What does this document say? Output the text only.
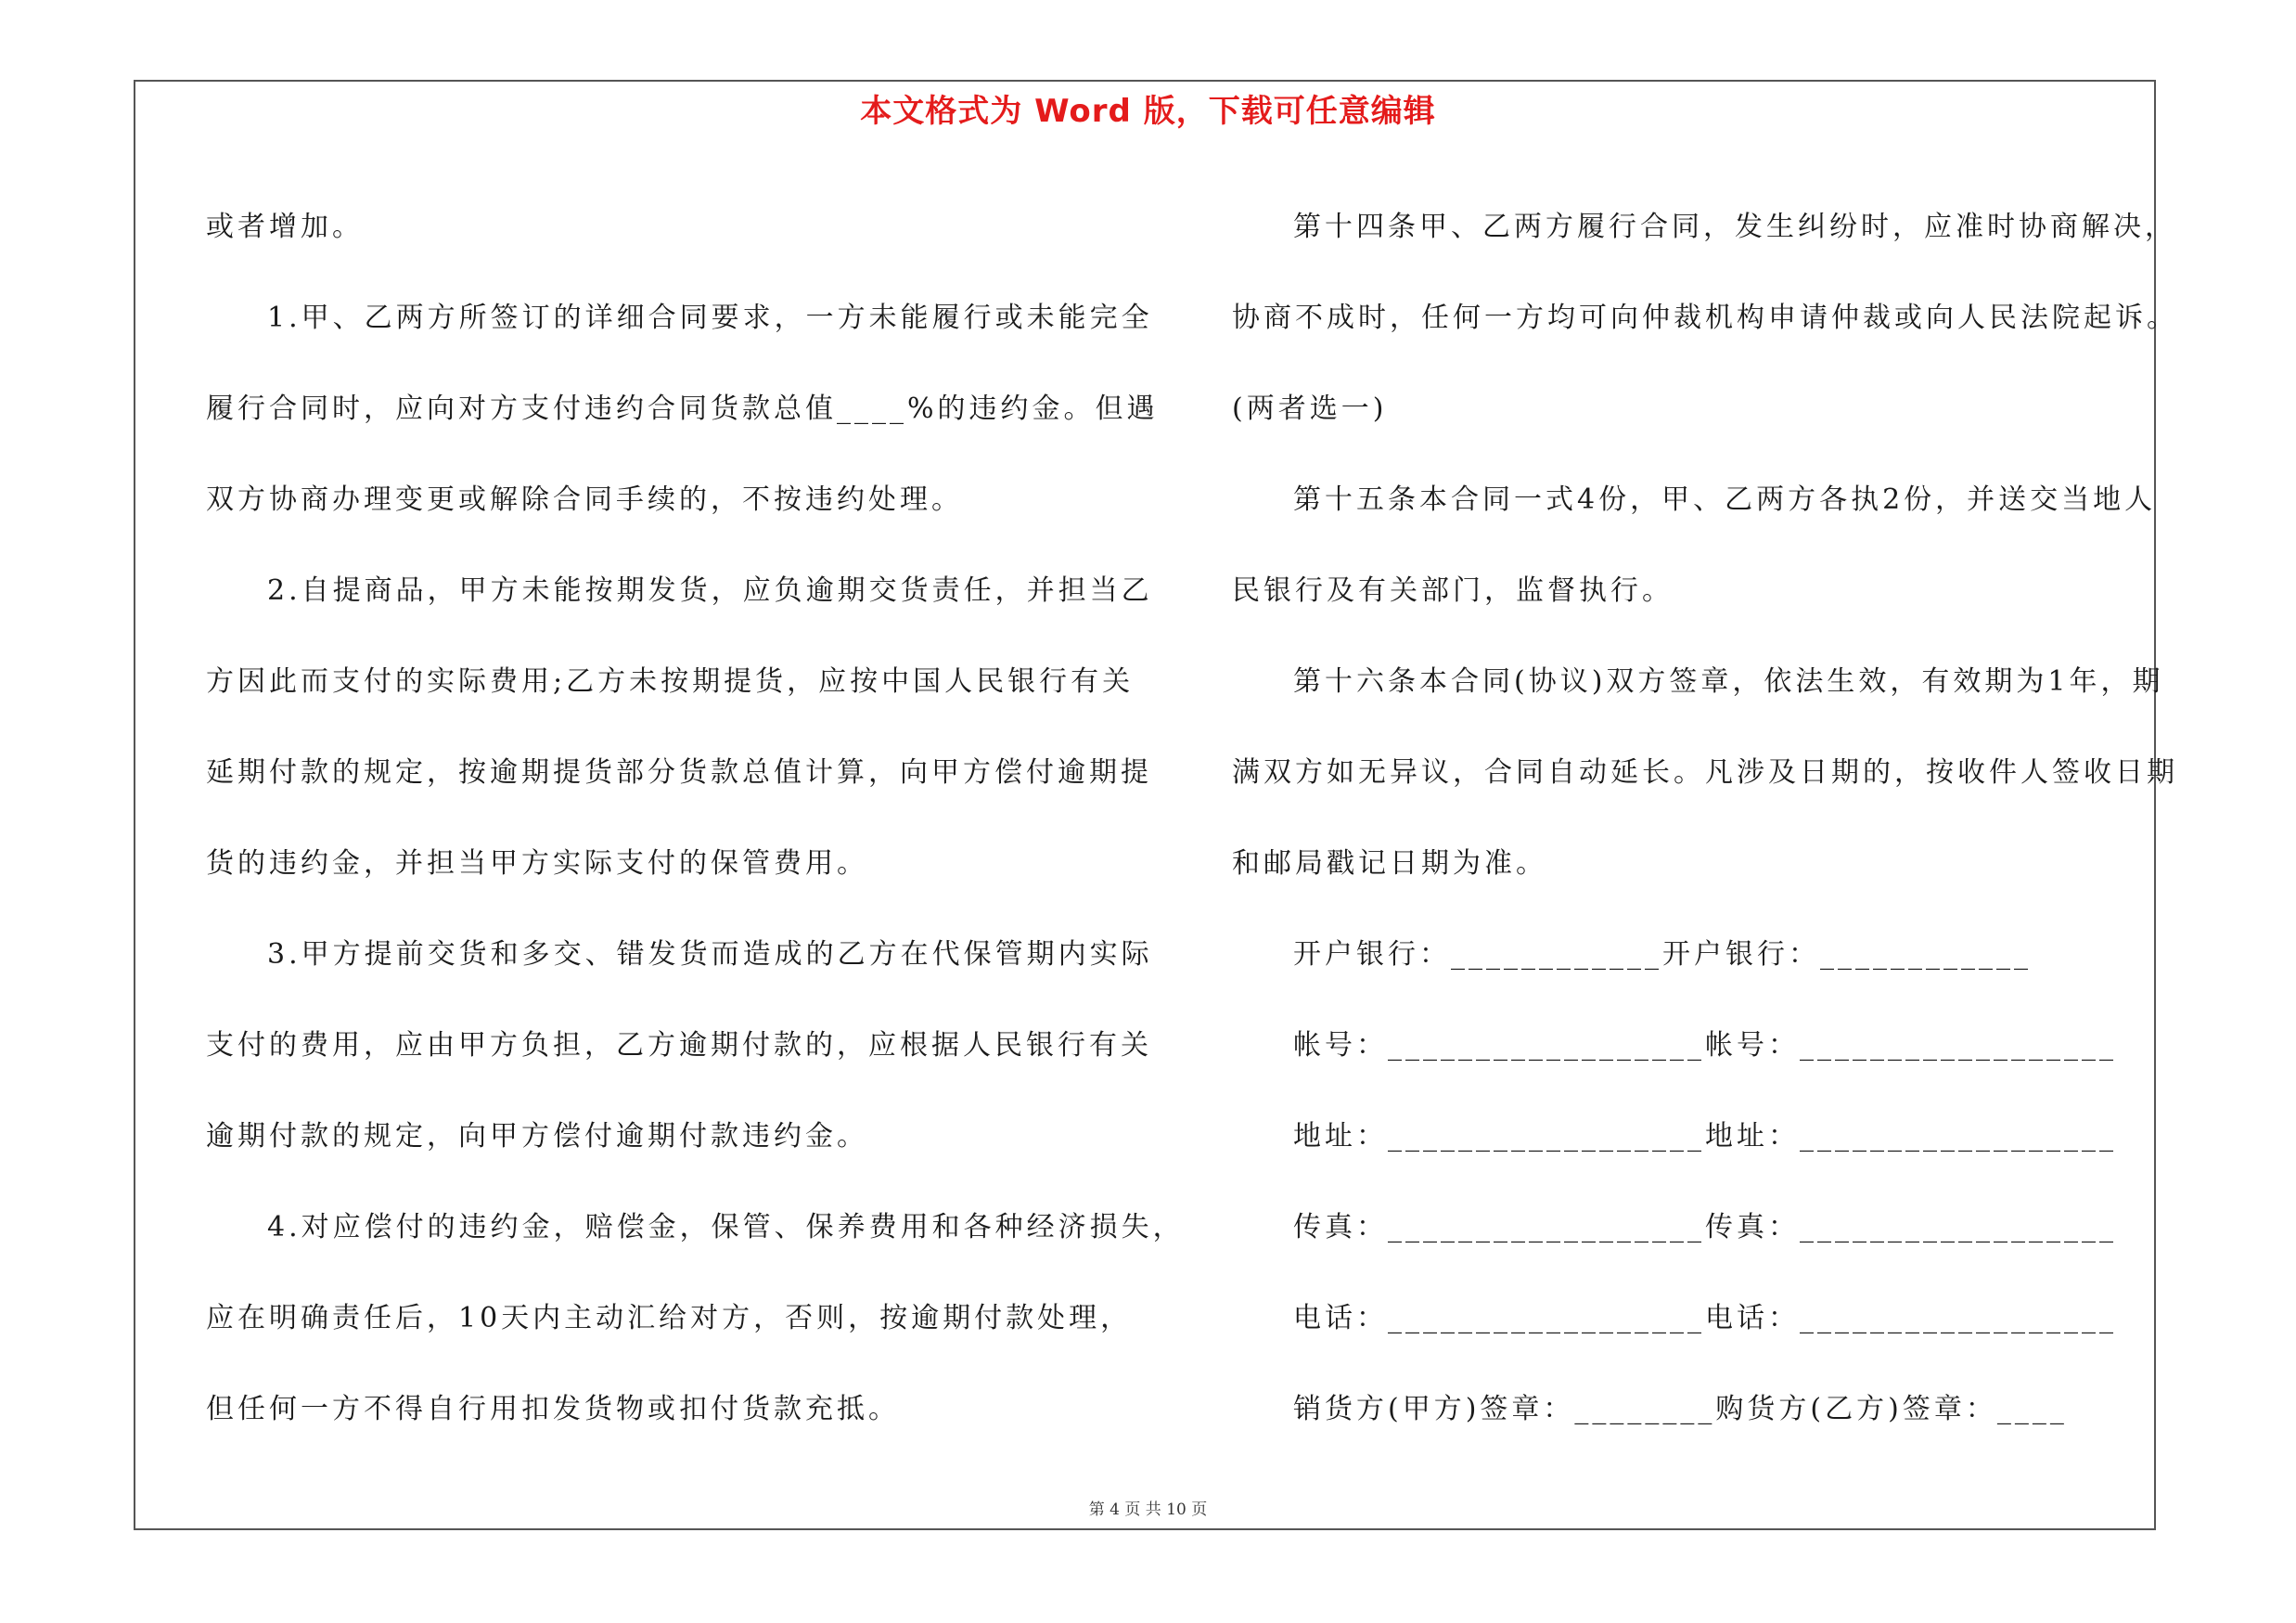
本文格式为 Word 版，下载可任意编辑

或者增加。

1.甲、乙两方所签订的详细合同要求，一方未能履行或未能完全

履行合同时，应向对方支付违约合同货款总值____%的违约金。但遇

双方协商办理变更或解除合同手续的，不按违约处理。

2.自提商品，甲方未能按期发货，应负逾期交货责任，并担当乙

方因此而支付的实际费用;乙方未按期提货，应按中国人民银行有关

延期付款的规定，按逾期提货部分货款总值计算，向甲方偿付逾期提

货的违约金，并担当甲方实际支付的保管费用。

3.甲方提前交货和多交、错发货而造成的乙方在代保管期内实际

支付的费用，应由甲方负担，乙方逾期付款的，应根据人民银行有关

逾期付款的规定，向甲方偿付逾期付款违约金。

4.对应偿付的违约金，赔偿金，保管、保养费用和各种经济损失，

应在明确责任后，10天内主动汇给对方，否则，按逾期付款处理，

但任何一方不得自行用扣发货物或扣付货款充抵。

第十四条甲、乙两方履行合同，发生纠纷时，应准时协商解决，

协商不成时，任何一方均可向仲裁机构申请仲裁或向人民法院起诉。

(两者选一)

第十五条本合同一式4份，甲、乙两方各执2份，并送交当地人

民银行及有关部门，监督执行。

第十六条本合同(协议)双方签章，依法生效，有效期为1年，期

满双方如无异议，合同自动延长。凡涉及日期的，按收件人签收日期

和邮局戳记日期为准。

开户银行：____________开户银行：____________

帐号：__________________帐号：__________________

地址：__________________地址：__________________

传真：__________________传真：__________________

电话：__________________电话：__________________

销货方(甲方)签章：________购货方(乙方)签章：____

第 4 页 共 10 页
